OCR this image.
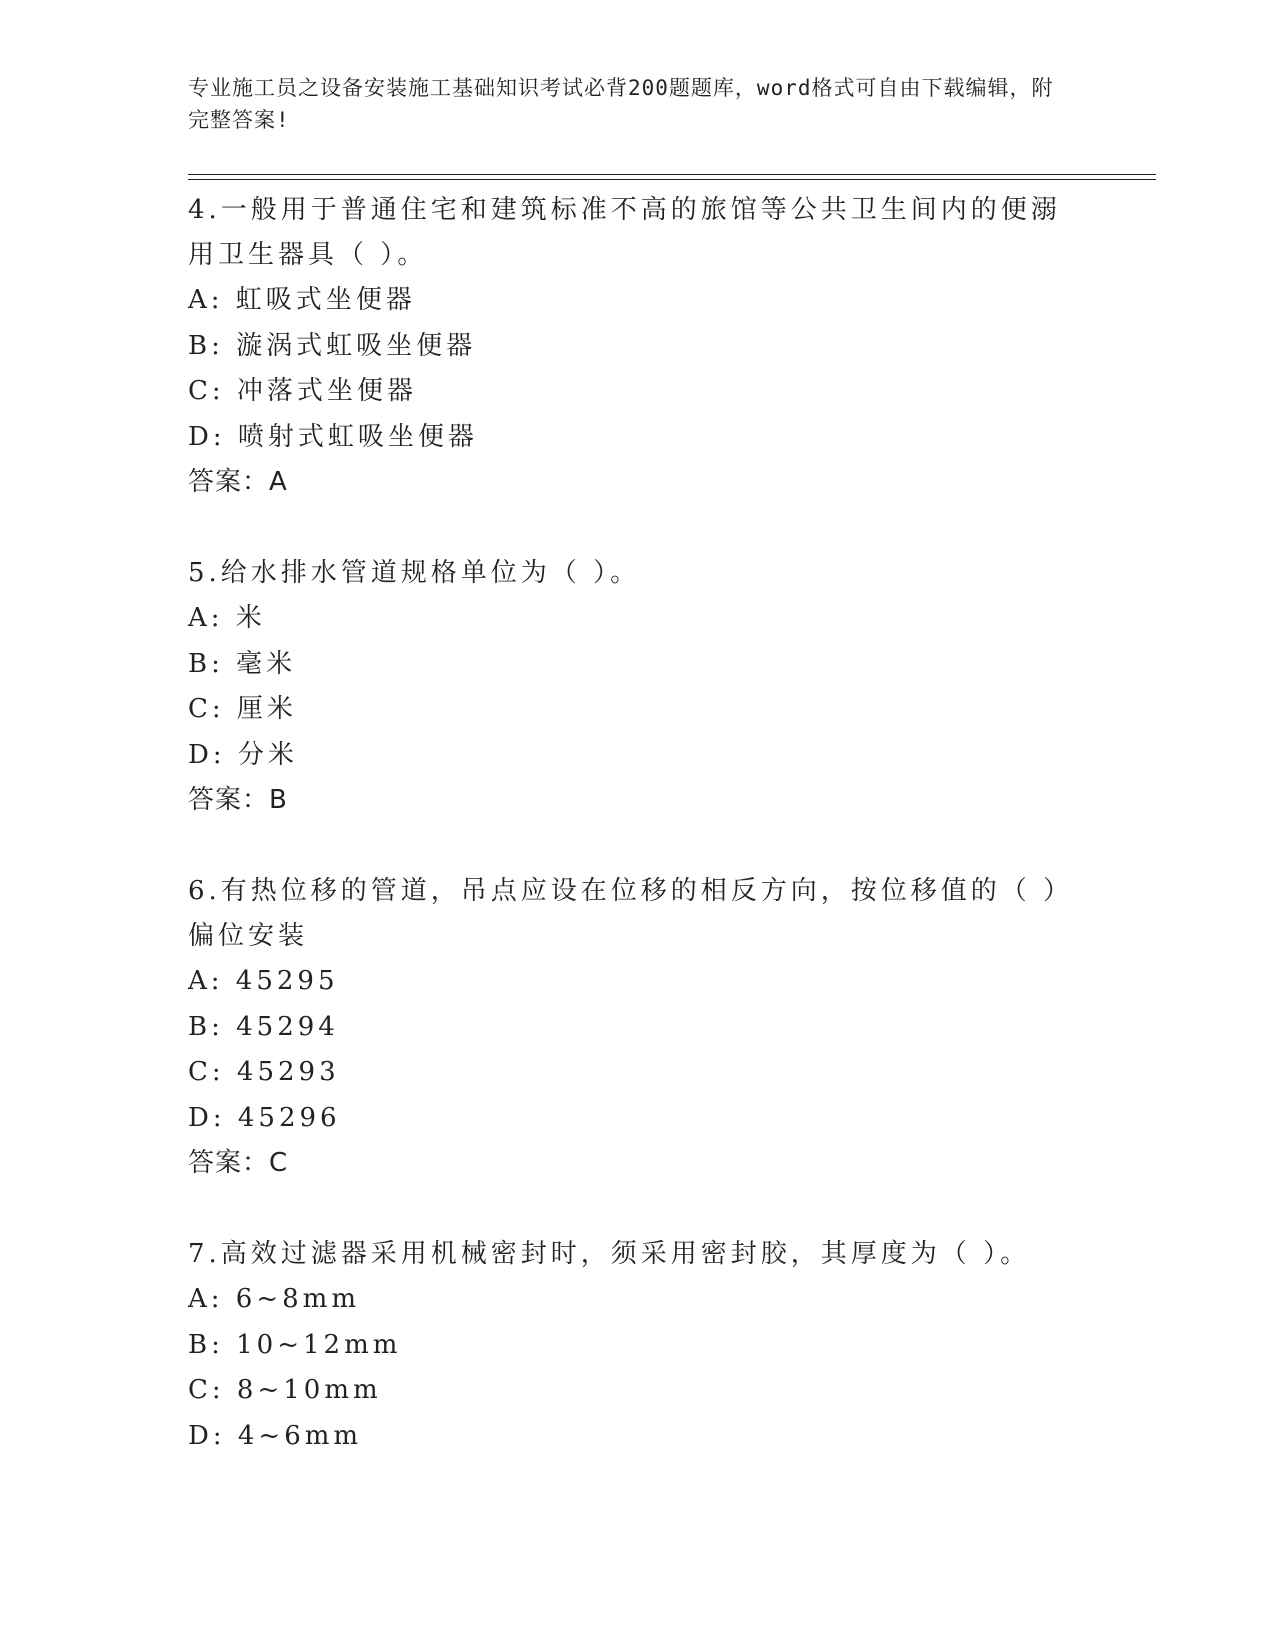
专业施工员之设备安装施工基础知识考试必背200题题库，word格式可自由下载编辑，附完整答案!

4.一般用于普通住宅和建筑标准不高的旅馆等公共卫生间内的便溺用卫生器具（ ）。

A: 虹吸式坐便器

B: 漩涡式虹吸坐便器

C: 冲落式坐便器

D: 喷射式虹吸坐便器

答案：A

5.给水排水管道规格单位为（ ）。

A: 米

B: 毫米

C: 厘米

D: 分米

答案：B

6.有热位移的管道，吊点应设在位移的相反方向，按位移值的（ ）偏位安装

A: 45295

B: 45294

C: 45293

D: 45296

答案：C

7.高效过滤器采用机械密封时，须采用密封胶，其厚度为（ ）。

A: 6~8mm

B: 10~12mm

C: 8~10mm

D: 4~6mm
